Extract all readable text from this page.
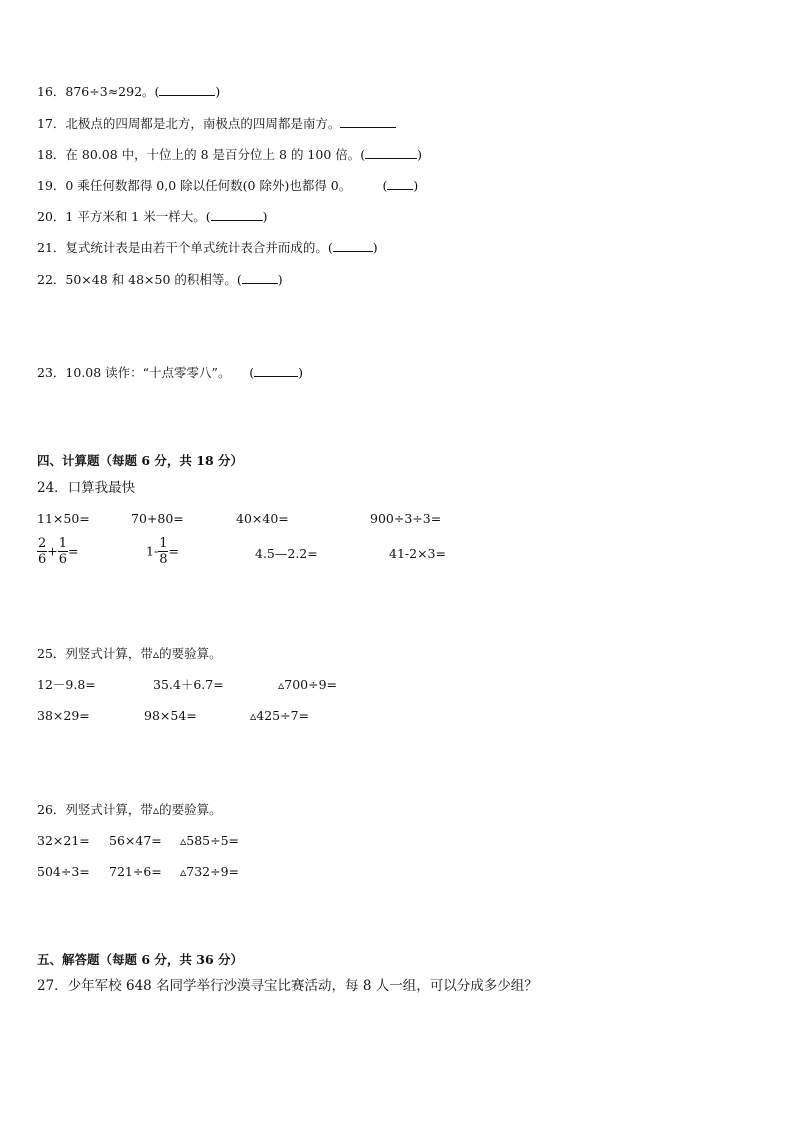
16．876÷3≈292。(	)
17．北极点的四周都是北方，南极点的四周都是南方。
18．在 80.08 中，十位上的 8 是百分位上 8 的 100 倍。(	)
19．0 乘任何数都得 0,0 除以任何数(0 除外)也都得 0。　　　( )
20．1 平方米和 1 米一样大。(	)
21．复式统计表是由若干个单式统计表合并而成的。(	)
22．50×48 和 48×50 的积相等。(	)
23．10.08 读作：“十点零零八”。　　(	)
四、计算题（每题 6 分，共 18 分）
24．口算我最快
11×50=	70+80=	40×40=	900÷3÷3=
$\frac{2}{6} + \frac{1}{6}$ =	$1- \frac{1}{8}$ =	4.5—2.2=	41-2×3=
25．列竖式计算，带▵的要验算。
12－9.8=	35.4＋6.7=	▵700÷9=
38×29=	98×54=	▵425÷7=
26．列竖式计算，带▵的要验算。
32×21= 56×47= ▵585÷5=
504÷3= 721÷6= ▵732÷9=
五、解答题（每题 6 分，共 36 分）
27．少年军校 648 名同学举行沙漠寻宝比赛活动，每 8 人一组，可以分成多少组？
